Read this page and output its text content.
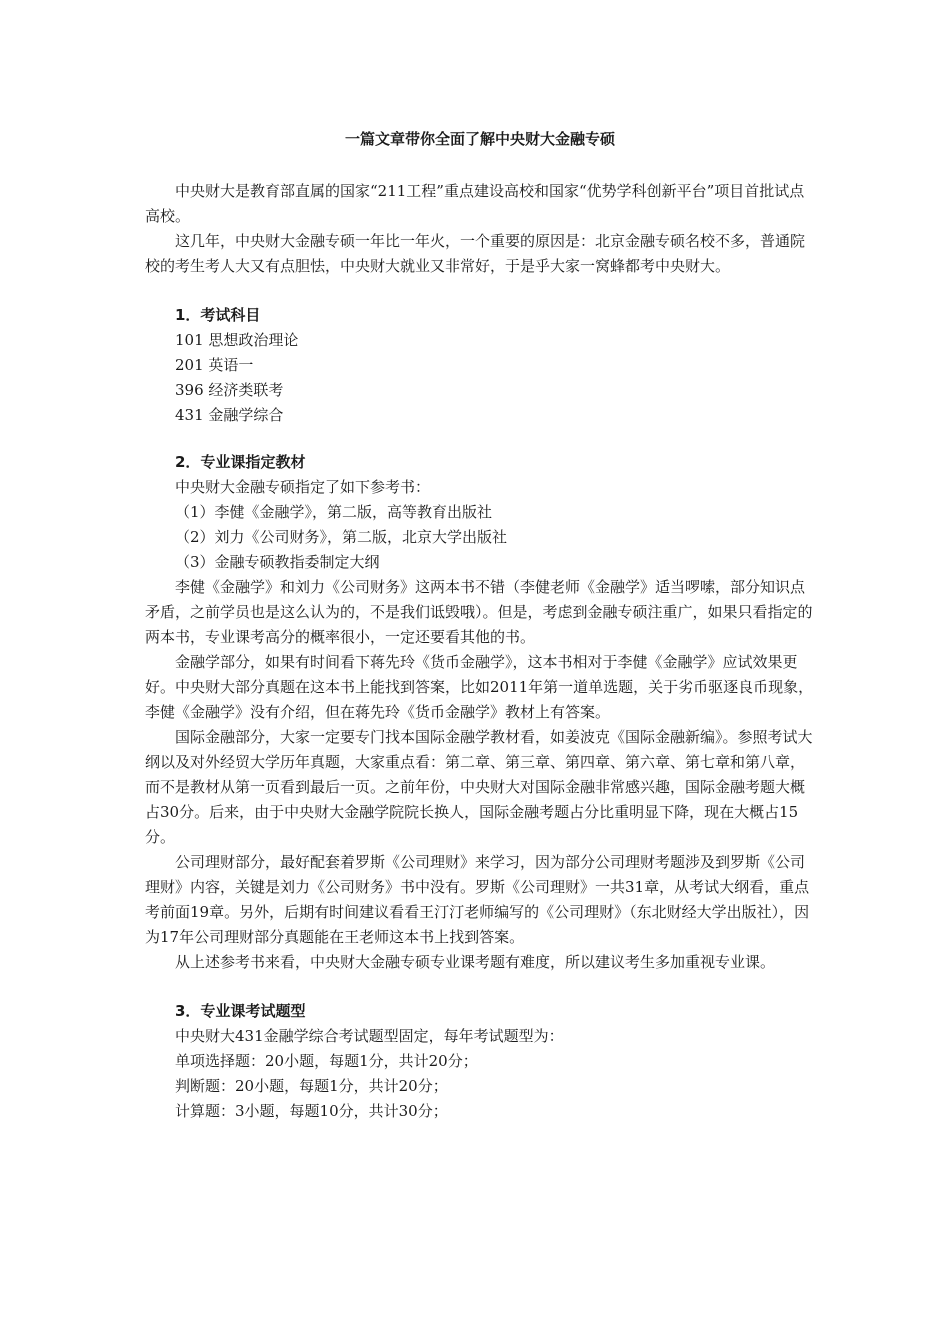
一篇文章带你全面了解中央财大金融专硕

中央财大是教育部直属的国家“211工程”重点建设高校和国家“优势学科创新平台”项目首批试点高校。

这几年，中央财大金融专硕一年比一年火，一个重要的原因是：北京金融专硕名校不多，普通院校的考生考人大又有点胆怯，中央财大就业又非常好，于是乎大家一窝蜂都考中央财大。

1．考试科目
101 思想政治理论
201 英语一
396 经济类联考
431 金融学综合
2．专业课指定教材
中央财大金融专硕指定了如下参考书：
（1）李健《金融学》，第二版，高等教育出版社
（2）刘力《公司财务》，第二版，北京大学出版社
（3）金融专硕教指委制定大纲

李健《金融学》和刘力《公司财务》这两本书不错（李健老师《金融学》适当啰嗦，部分知识点矛盾，之前学员也是这么认为的，不是我们诋毁哦）。但是，考虑到金融专硕注重广，如果只看指定的两本书，专业课考高分的概率很小，一定还要看其他的书。

金融学部分，如果有时间看下蒋先玲《货币金融学》，这本书相对于李健《金融学》应试效果更好。中央财大部分真题在这本书上能找到答案，比如2011年第一道单选题，关于劣币驱逐良币现象，李健《金融学》没有介绍，但在蒋先玲《货币金融学》教材上有答案。

国际金融部分，大家一定要专门找本国际金融学教材看，如姜波克《国际金融新编》。参照考试大纲以及对外经贸大学历年真题，大家重点看：第二章、第三章、第四章、第六章、第七章和第八章，而不是教材从第一页看到最后一页。之前年份，中央财大对国际金融非常感兴趣，国际金融考题大概占30分。后来，由于中央财大金融学院院长换人，国际金融考题占分比重明显下降，现在大概占15分。

公司理财部分，最好配套着罗斯《公司理财》来学习，因为部分公司理财考题涉及到罗斯《公司理财》内容，关键是刘力《公司财务》书中没有。罗斯《公司理财》一共31章，从考试大纲看，重点考前面19章。另外，后期有时间建议看看王汀汀老师编写的《公司理财》（东北财经大学出版社），因为17年公司理财部分真题能在王老师这本书上找到答案。

从上述参考书来看，中央财大金融专硕专业课考题有难度，所以建议考生多加重视专业课。

3．专业课考试题型
中央财大431金融学综合考试题型固定，每年考试题型为：
单项选择题：20小题，每题1分，共计20分；
判断题：20小题，每题1分，共计20分；
计算题：3小题，每题10分，共计30分；
